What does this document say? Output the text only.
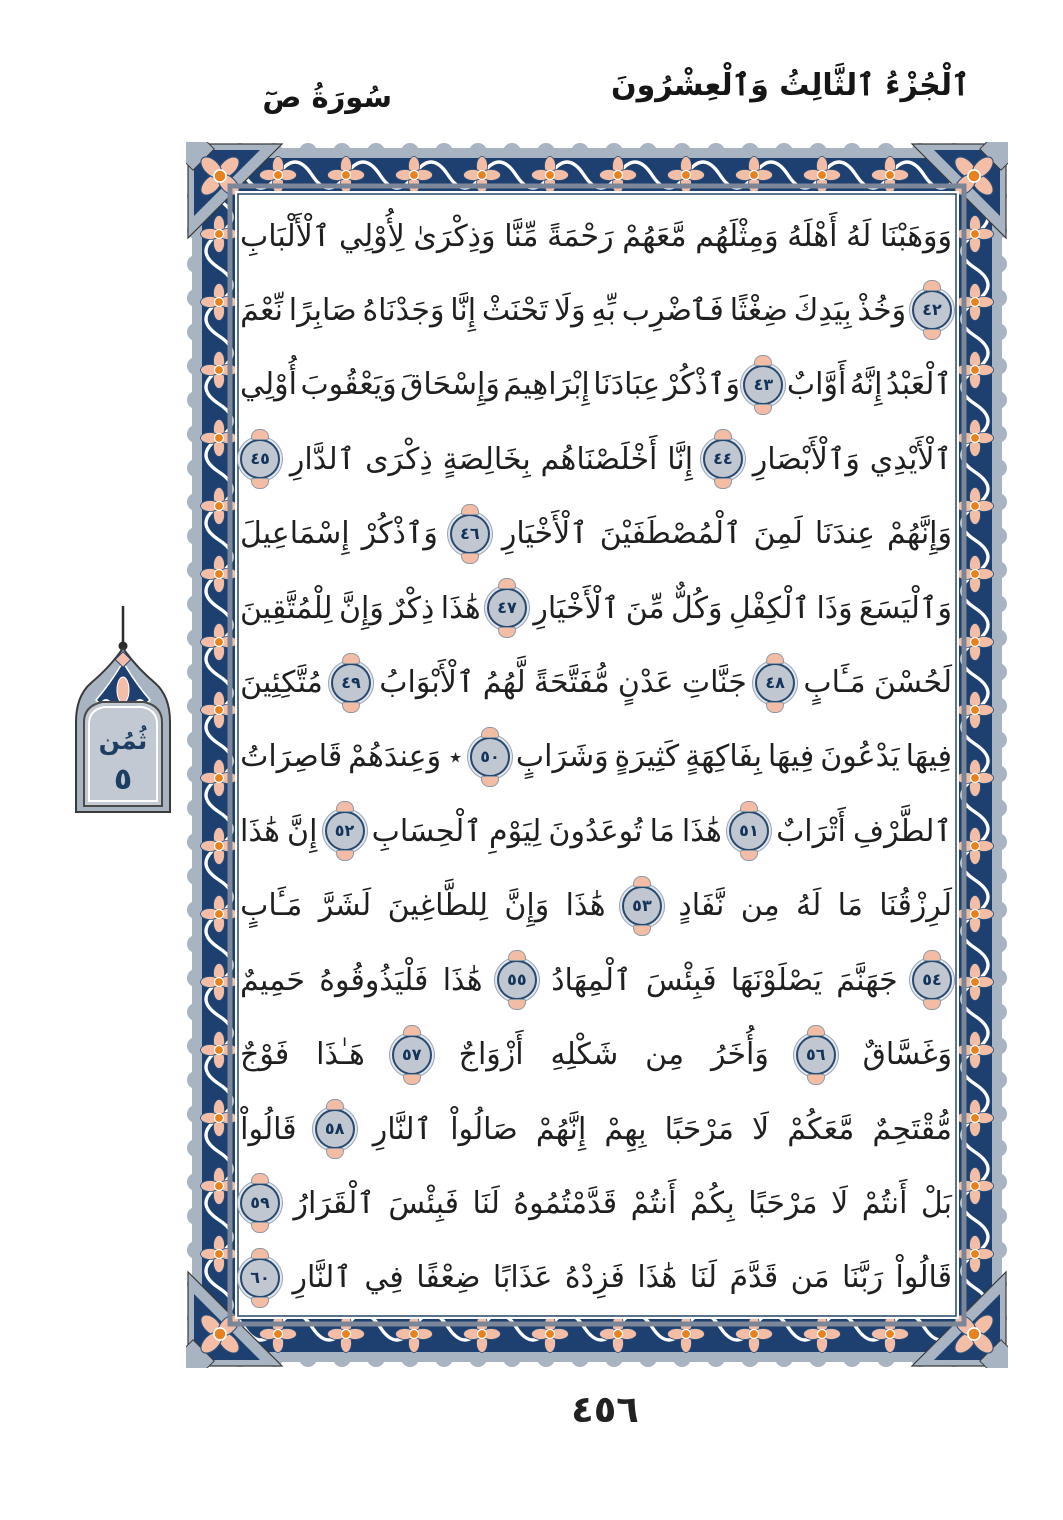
ٱلْجُزْءُ ٱلثَّالِثُ وَٱلْعِشْرُونَ
سُورَةُ صٓ
وَوَهَبْنَا
لَهُ
أَهْلَهُ
وَمِثْلَهُم
مَّعَهُمْ
رَحْمَةً
مِّنَّا
وَذِكْرَىٰ
لِأُوْلِي
ٱلْأَلْبَابِ
٤٢
وَخُذْ
بِيَدِكَ
ضِغْثًا
فَٱضْرِب
بِّهِ
وَلَا
تَحْنَثْ
إِنَّا
وَجَدْنَاهُ
صَابِرًا
نِّعْمَ
ٱلْعَبْدُ
إِنَّهُ
أَوَّابٌ
٤٣
وَٱذْكُرْ
عِبَادَنَا
إِبْرَاهِيمَ
وَإِسْحَاقَ
وَيَعْقُوبَ
أُوْلِي
ٱلْأَيْدِي
وَٱلْأَبْصَارِ
٤٤
إِنَّا
أَخْلَصْنَاهُم
بِخَالِصَةٍ
ذِكْرَى
ٱلدَّارِ
٤٥
وَإِنَّهُمْ
عِندَنَا
لَمِنَ
ٱلْمُصْطَفَيْنَ
ٱلْأَخْيَارِ
٤٦
وَٱذْكُرْ
إِسْمَاعِيلَ
وَٱلْيَسَعَ
وَذَا
ٱلْكِفْلِ
وَكُلٌّ
مِّنَ
ٱلْأَخْيَارِ
٤٧
هَٰذَا
ذِكْرٌ
وَإِنَّ
لِلْمُتَّقِينَ
لَحُسْنَ
مَـَٔابٍ
٤٨
جَنَّاتِ
عَدْنٍ
مُّفَتَّحَةً
لَّهُمُ
ٱلْأَبْوَابُ
٤٩
مُتَّكِئِينَ
فِيهَا
يَدْعُونَ
فِيهَا
بِفَاكِهَةٍ
كَثِيرَةٍ
وَشَرَابٍ
٥٠
٭
وَعِندَهُمْ
قَاصِرَاتُ
ٱلطَّرْفِ
أَتْرَابٌ
٥١
هَٰذَا
مَا
تُوعَدُونَ
لِيَوْمِ
ٱلْحِسَابِ
٥٢
إِنَّ
هَٰذَا
لَرِزْقُنَا
مَا
لَهُ
مِن
نَّفَادٍ
٥٣
هَٰذَا
وَإِنَّ
لِلطَّاغِينَ
لَشَرَّ
مَـَٔابٍ
٥٤
جَهَنَّمَ
يَصْلَوْنَهَا
فَبِئْسَ
ٱلْمِهَادُ
٥٥
هَٰذَا
فَلْيَذُوقُوهُ
حَمِيمٌ
وَغَسَّاقٌ
٥٦
وَأُخَرُ
مِن
شَكْلِهِ
أَزْوَاجٌ
٥٧
هَـٰذَا
فَوْجٌ
مُّقْتَحِمٌ
مَّعَكُمْ
لَا
مَرْحَبًا
بِهِمْ
إِنَّهُمْ
صَالُواْ
ٱلنَّارِ
٥٨
قَالُواْ
بَلْ
أَنتُمْ
لَا
مَرْحَبًا
بِكُمْ
أَنتُمْ
قَدَّمْتُمُوهُ
لَنَا
فَبِئْسَ
ٱلْقَرَارُ
٥٩
قَالُواْ
رَبَّنَا
مَن
قَدَّمَ
لَنَا
هَٰذَا
فَزِدْهُ
عَذَابًا
ضِعْفًا
فِي
ٱلنَّارِ
٦٠
ثُمُن
٥
٤٥٦
